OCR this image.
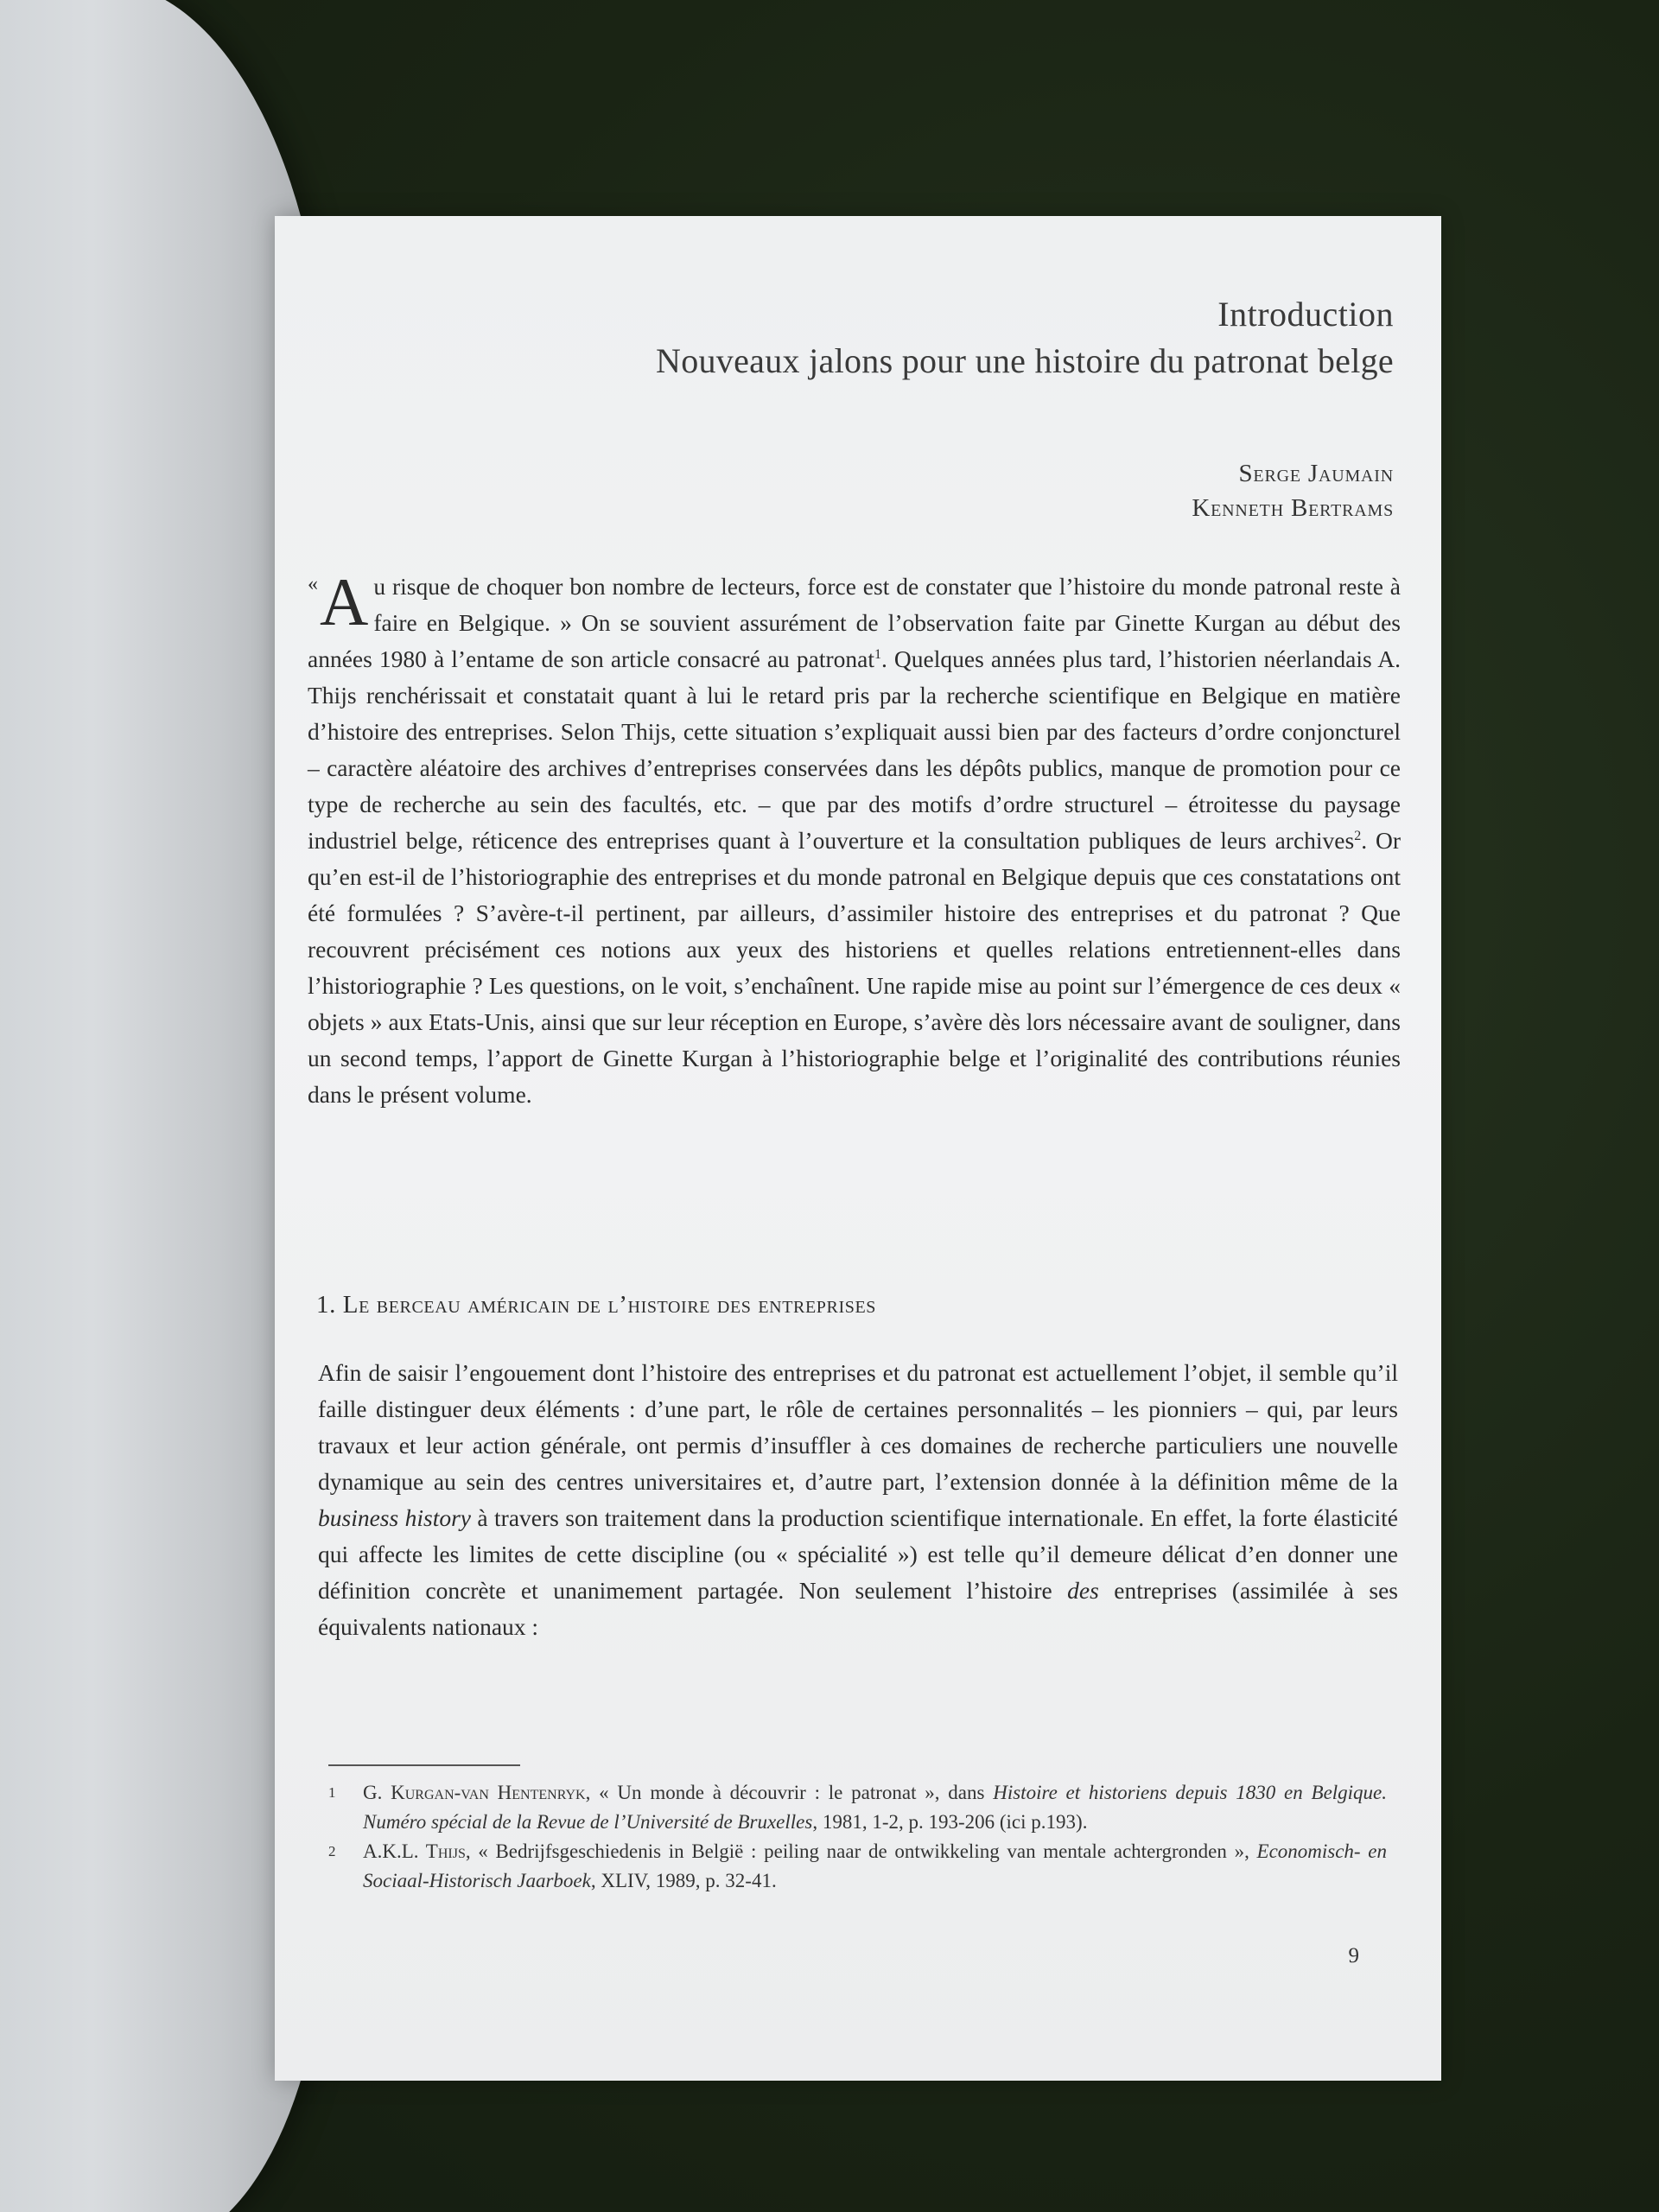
Introduction
Nouveaux jalons pour une histoire du patronat belge
Serge Jaumain
Kenneth Bertrams
« A u risque de choquer bon nombre de lecteurs, force est de constater que l’histoire du monde patronal reste à faire en Belgique. » On se souvient assurément de l’observation faite par Ginette Kurgan au début des années 1980 à l’entame de son article consacré au patronat$^1$. Quelques années plus tard, l’historien néerlandais A. Thijs renchérissait et constatait quant à lui le retard pris par la recherche scientifique en Belgique en matière d’histoire des entreprises. Selon Thijs, cette situation s’expliquait aussi bien par des facteurs d’ordre conjoncturel – caractère aléatoire des archives d’entreprises conservées dans les dépôts publics, manque de promotion pour ce type de recherche au sein des facultés, etc. – que par des motifs d’ordre structurel – étroitesse du paysage industriel belge, réticence des entreprises quant à l’ouverture et la consultation publiques de leurs archives$^2$. Or qu’en est-il de l’historiographie des entreprises et du monde patronal en Belgique depuis que ces constatations ont été formulées ? S’avère-t-il pertinent, par ailleurs, d’assimiler histoire des entreprises et du patronat ? Que recouvrent précisément ces notions aux yeux des historiens et quelles relations entretiennent-elles dans l’historiographie ? Les questions, on le voit, s’enchaînent. Une rapide mise au point sur l’émergence de ces deux « objets » aux Etats-Unis, ainsi que sur leur réception en Europe, s’avère dès lors nécessaire avant de souligner, dans un second temps, l’apport de Ginette Kurgan à l’historiographie belge et l’originalité des contributions réunies dans le présent volume.
1. Le berceau américain de l’histoire des entreprises
Afin de saisir l’engouement dont l’histoire des entreprises et du patronat est actuellement l’objet, il semble qu’il faille distinguer deux éléments : d’une part, le rôle de certaines personnalités – les pionniers – qui, par leurs travaux et leur action générale, ont permis d’insuffler à ces domaines de recherche particuliers une nouvelle dynamique au sein des centres universitaires et, d’autre part, l’extension donnée à la définition même de la business history à travers son traitement dans la production scientifique internationale. En effet, la forte élasticité qui affecte les limites de cette discipline (ou « spécialité ») est telle qu’il demeure délicat d’en donner une définition concrète et unanimement partagée. Non seulement l’histoire des entreprises (assimilée à ses équivalents nationaux :
1 G. Kurgan-van Hentenryk, « Un monde à découvrir : le patronat », dans Histoire et historiens depuis 1830 en Belgique. Numéro spécial de la Revue de l’Université de Bruxelles, 1981, 1-2, p. 193-206 (ici p.193).
2 A.K.L. Thijs, « Bedrijfsgeschiedenis in België : peiling naar de ontwikkeling van mentale achtergronden », Economisch- en Sociaal-Historisch Jaarboek, XLIV, 1989, p. 32-41.
9
